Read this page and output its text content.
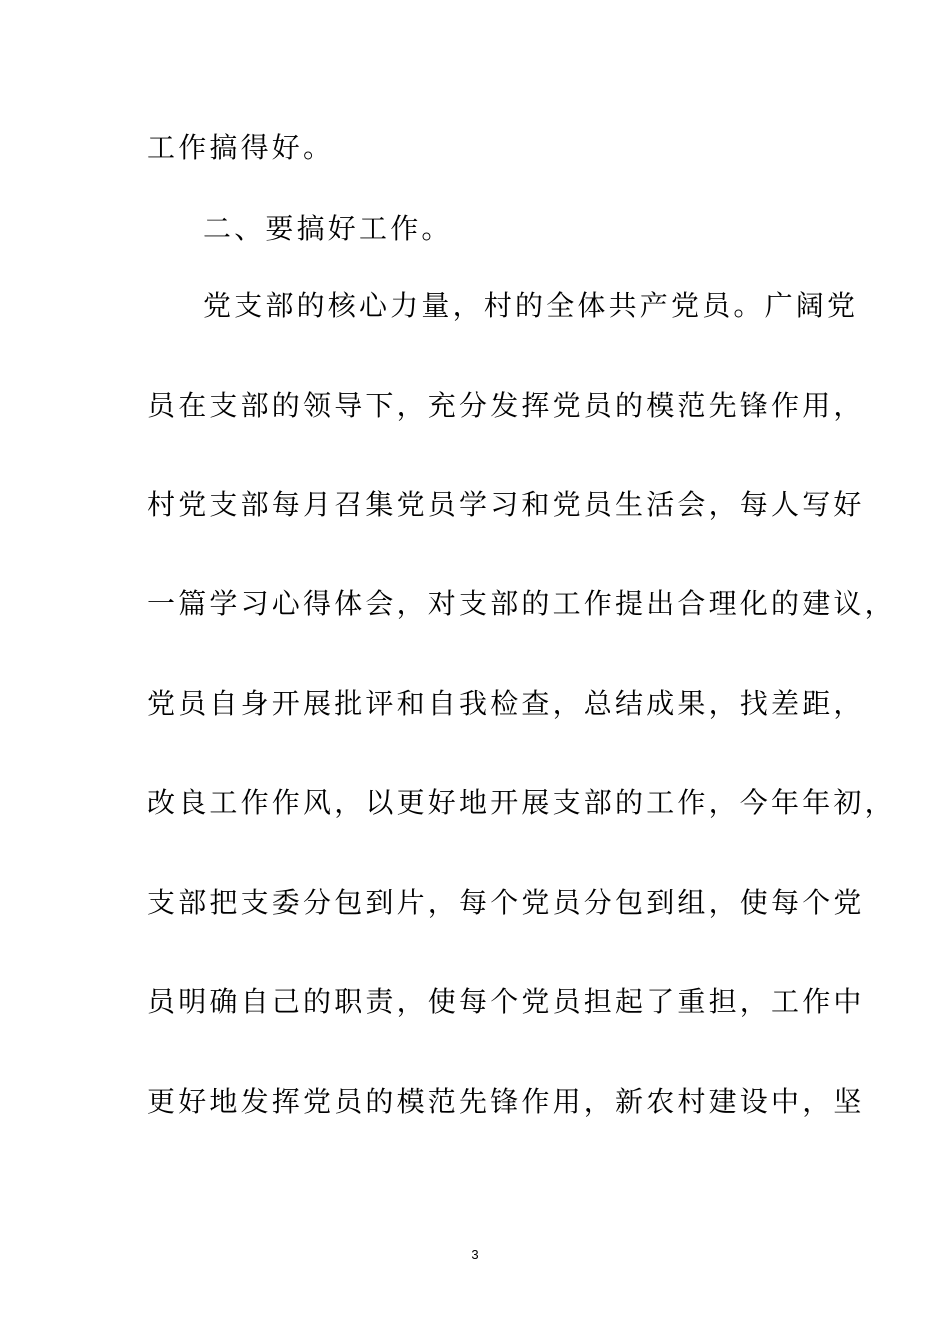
工作搞得好。
二、要搞好工作。
党支部的核心力量，村的全体共产党员。广阔党
员在支部的领导下，充分发挥党员的模范先锋作用，
村党支部每月召集党员学习和党员生活会，每人写好
一篇学习心得体会，对支部的工作提出合理化的建议，
党员自身开展批评和自我检查，总结成果，找差距，
改良工作作风，以更好地开展支部的工作，今年年初，
支部把支委分包到片，每个党员分包到组，使每个党
员明确自己的职责，使每个党员担起了重担，工作中
更好地发挥党员的模范先锋作用，新农村建设中，坚
3
